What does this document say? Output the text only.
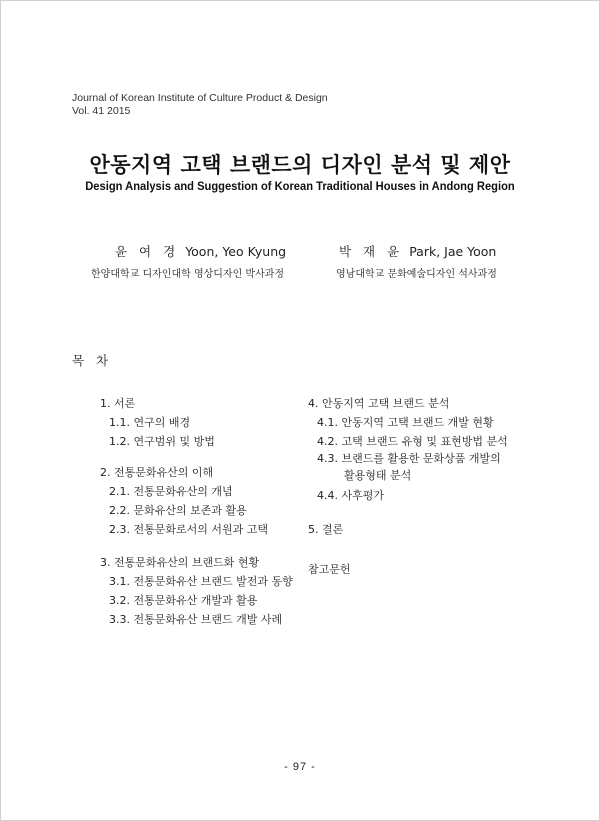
Journal of Korean Institute of Culture Product & Design
Vol. 41 2015
안동지역 고택 브랜드의 디자인 분석 및 제안
Design Analysis and Suggestion of Korean Traditional Houses in Andong Region
윤 여 경 Yoon, Yeo Kyung
한양대학교 디자인대학 영상디자인 박사과정
박 재 윤 Park, Jae Yoon
영남대학교 문화예술디자인 석사과정
목 차
1. 서론
1.1. 연구의 배경
1.2. 연구범위 및 방법
2. 전통문화유산의 이해
2.1. 전통문화유산의 개념
2.2. 문화유산의 보존과 활용
2.3. 전통문화로서의 서원과 고택
3. 전통문화유산의 브랜드화 현황
3.1. 전통문화유산 브랜드 발전과 동향
3.2. 전통문화유산 개발과 활용
3.3. 전통문화유산 브랜드 개발 사례
4. 안동지역 고택 브랜드 분석
4.1. 안동지역 고택 브랜드 개발 현황
4.2. 고택 브랜드 유형 및 표현방법 분석
4.3. 브랜드를 활용한 문화상품 개발의
활용형태 분석
4.4. 사후평가
5. 결론
참고문헌
- 97 -
